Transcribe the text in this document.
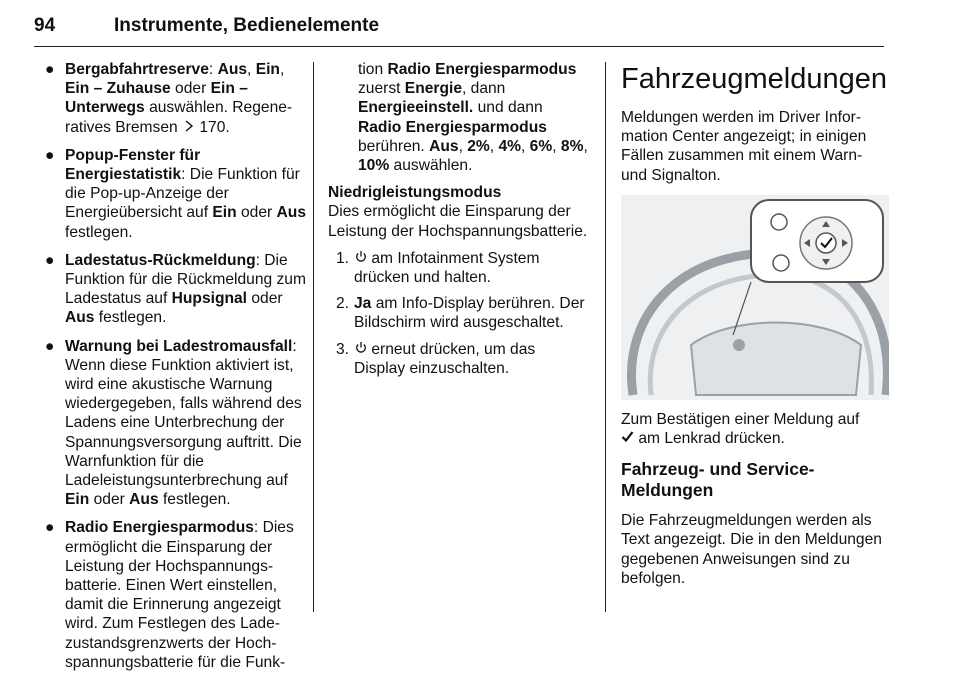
94	Instrumente, Bedienelemente
● Bergabfahrtreserve: Aus, Ein, Ein – Zuhause oder Ein – Unterwegs auswählen. Regeneratives Bremsen  170.
● Popup-Fenster für Energiestatistik: Die Funktion für die Pop-up-Anzeige der Energieübersicht auf Ein oder Aus festlegen.
● Ladestatus-Rückmeldung: Die Funktion für die Rückmeldung zum Ladestatus auf Hupsignal oder Aus festlegen.
● Warnung bei Ladestromausfall: Wenn diese Funktion aktiviert ist, wird eine akustische Warnung wiedergegeben, falls während des Ladens eine Unterbrechung der Spannungsversorgung auftritt. Die Warnfunktion für die Ladeleistungsunterbrechung auf Ein oder Aus festlegen.
● Radio Energiesparmodus: Dies ermöglicht die Einsparung der Leistung der Hochspannungsbatterie. Einen Wert einstellen, damit die Erinnerung angezeigt wird. Zum Festlegen des Ladezustandsgrenzwerts der Hochspannungsbatterie für die Funk-
tion Radio Energiesparmodus zuerst Energie, dann Energieeinstell. und dann Radio Energiesparmodus berühren. Aus, 2%, 4%, 6%, 8%, 10% auswählen.

Niedrigleistungsmodus

Dies ermöglicht die Einsparung der Leistung der Hochspannungsbatterie.

1. am Infotainment System drücken und halten.
2. Ja am Info-Display berühren. Der Bildschirm wird ausgeschaltet.
3. erneut drücken, um das Display einzuschalten.
Fahrzeugmeldungen

Meldungen werden im Driver Information Center angezeigt; in einigen Fällen zusammen mit einem Warn- und Signalton.

Zum Bestätigen einer Meldung auf
am Lenkrad drücken.

Fahrzeug- und Service-Meldungen

Die Fahrzeugmeldungen werden als Text angezeigt. Die in den Meldungen gegebenen Anweisungen sind zu befolgen.
